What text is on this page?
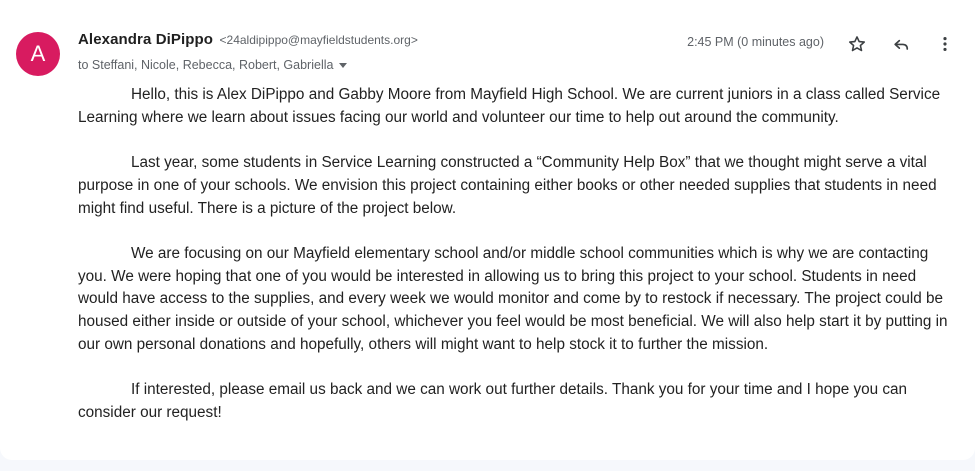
A
Alexandra DiPippo <24aldipippo@mayfieldstudents.org>
to Steffani, Nicole, Rebecca, Robert, Gabriella
2:45 PM (0 minutes ago)

Hello, this is Alex DiPippo and Gabby Moore from Mayfield High School. We are current juniors in a class called Service Learning where we learn about issues facing our world and volunteer our time to help out around the community.

Last year, some students in Service Learning constructed a “Community Help Box” that we thought might serve a vital purpose in one of your schools. We envision this project containing either books or other needed supplies that students in need might find useful. There is a picture of the project below.

We are focusing on our Mayfield elementary school and/or middle school communities which is why we are contacting you. We were hoping that one of you would be interested in allowing us to bring this project to your school. Students in need would have access to the supplies, and every week we would monitor and come by to restock if necessary. The project could be housed either inside or outside of your school, whichever you feel would be most beneficial. We will also help start it by putting in our own personal donations and hopefully, others will might want to help stock it to further the mission.

If interested, please email us back and we can work out further details. Thank you for your time and I hope you can consider our request!
